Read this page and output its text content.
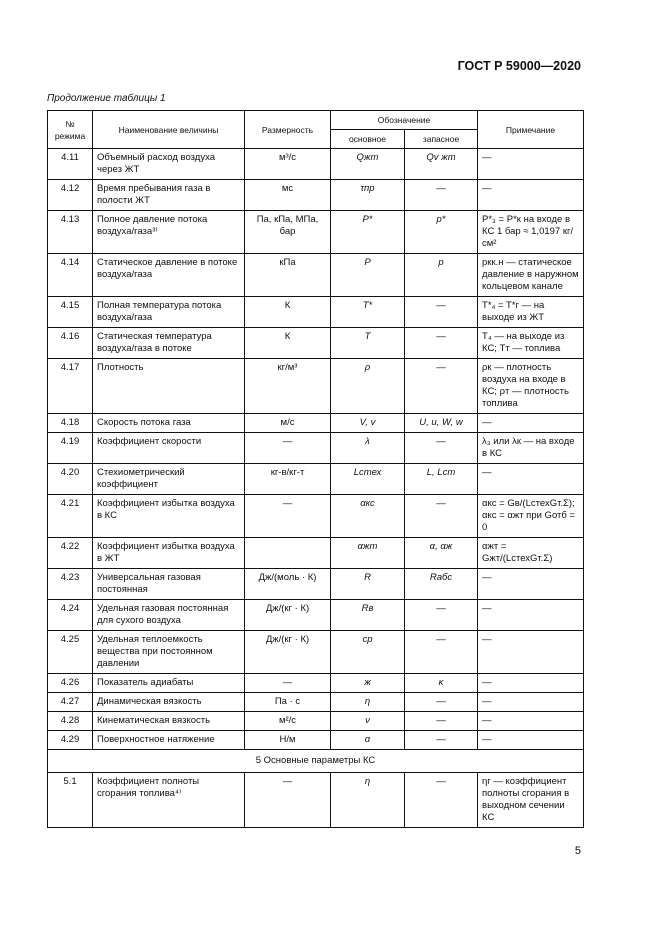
ГОСТ Р 59000—2020
Продолжение таблицы 1
№ режима	Наименование величины	Размерность	Обозначение		Примечание
			основное	запасное	
4.11	Объемный расход воздуха через ЖТ	м³/с	Qжт	Qv жт	—
4.12	Время пребывания газа в полости ЖТ	мс	τпр	—	—
4.13	Полное давление потока воздуха/газа³⁾	Па, кПа, МПа, бар	P*	p*	P*₃ = P*к на входе в КС 1 бар ≈ 1,0197 кг/см²
4.14	Статическое давление в потоке воздуха/газа	кПа	P	p	pкк.н — статическое давление в наружном кольцевом канале
4.15	Полная температура потока воздуха/газа	К	T*	—	T*₄ = T*г — на выходе из ЖТ
4.16	Статическая температура воздуха/газа в потоке	К	T	—	T₄ — на выходе из КС; Tт — топлива
4.17	Плотность	кг/м³	ρ	—	ρк — плотность воздуха на входе в КС; ρт — плотность топлива
4.18	Скорость потока газа	м/с	V, v	U, u, W, w	—
4.19	Коэффициент скорости	—	λ	—	λ₃ или λк — на входе в КС
4.20	Стехиометрический коэффициент	кг-в/кг-т	Lстех	L, Lст	—
4.21	Коэффициент избытка воздуха в КС	—	αкс	—	αкс = Gв/(LстехGт.Σ); αкс = αжт при Gотб = 0
4.22	Коэффициент избытка воздуха в ЖТ		αжт	α, αж	αжт = Gжт/(LстехGт.Σ)
4.23	Универсальная газовая постоянная	Дж/(моль · К)	R	Rабс	—
4.24	Удельная газовая постоянная для сухого воздуха	Дж/(кг · К)	Rв	—	—
4.25	Удельная теплоемкость вещества при постоянном давлении	Дж/(кг · К)	cp	—	—
4.26	Показатель адиабаты	—	ж	κ	—
4.27	Динамическая вязкость	Па · с	η	—	—
4.28	Кинематическая вязкость	м²/с	ν	—	—
4.29	Поверхностное натяжение	Н/м	α	—	—
5 Основные параметры КС					
5.1	Коэффициент полноты сгорания топлива⁴⁾	—	η	—	ηг — коэффициент полноты сгорания в выходном сечении КС
5
